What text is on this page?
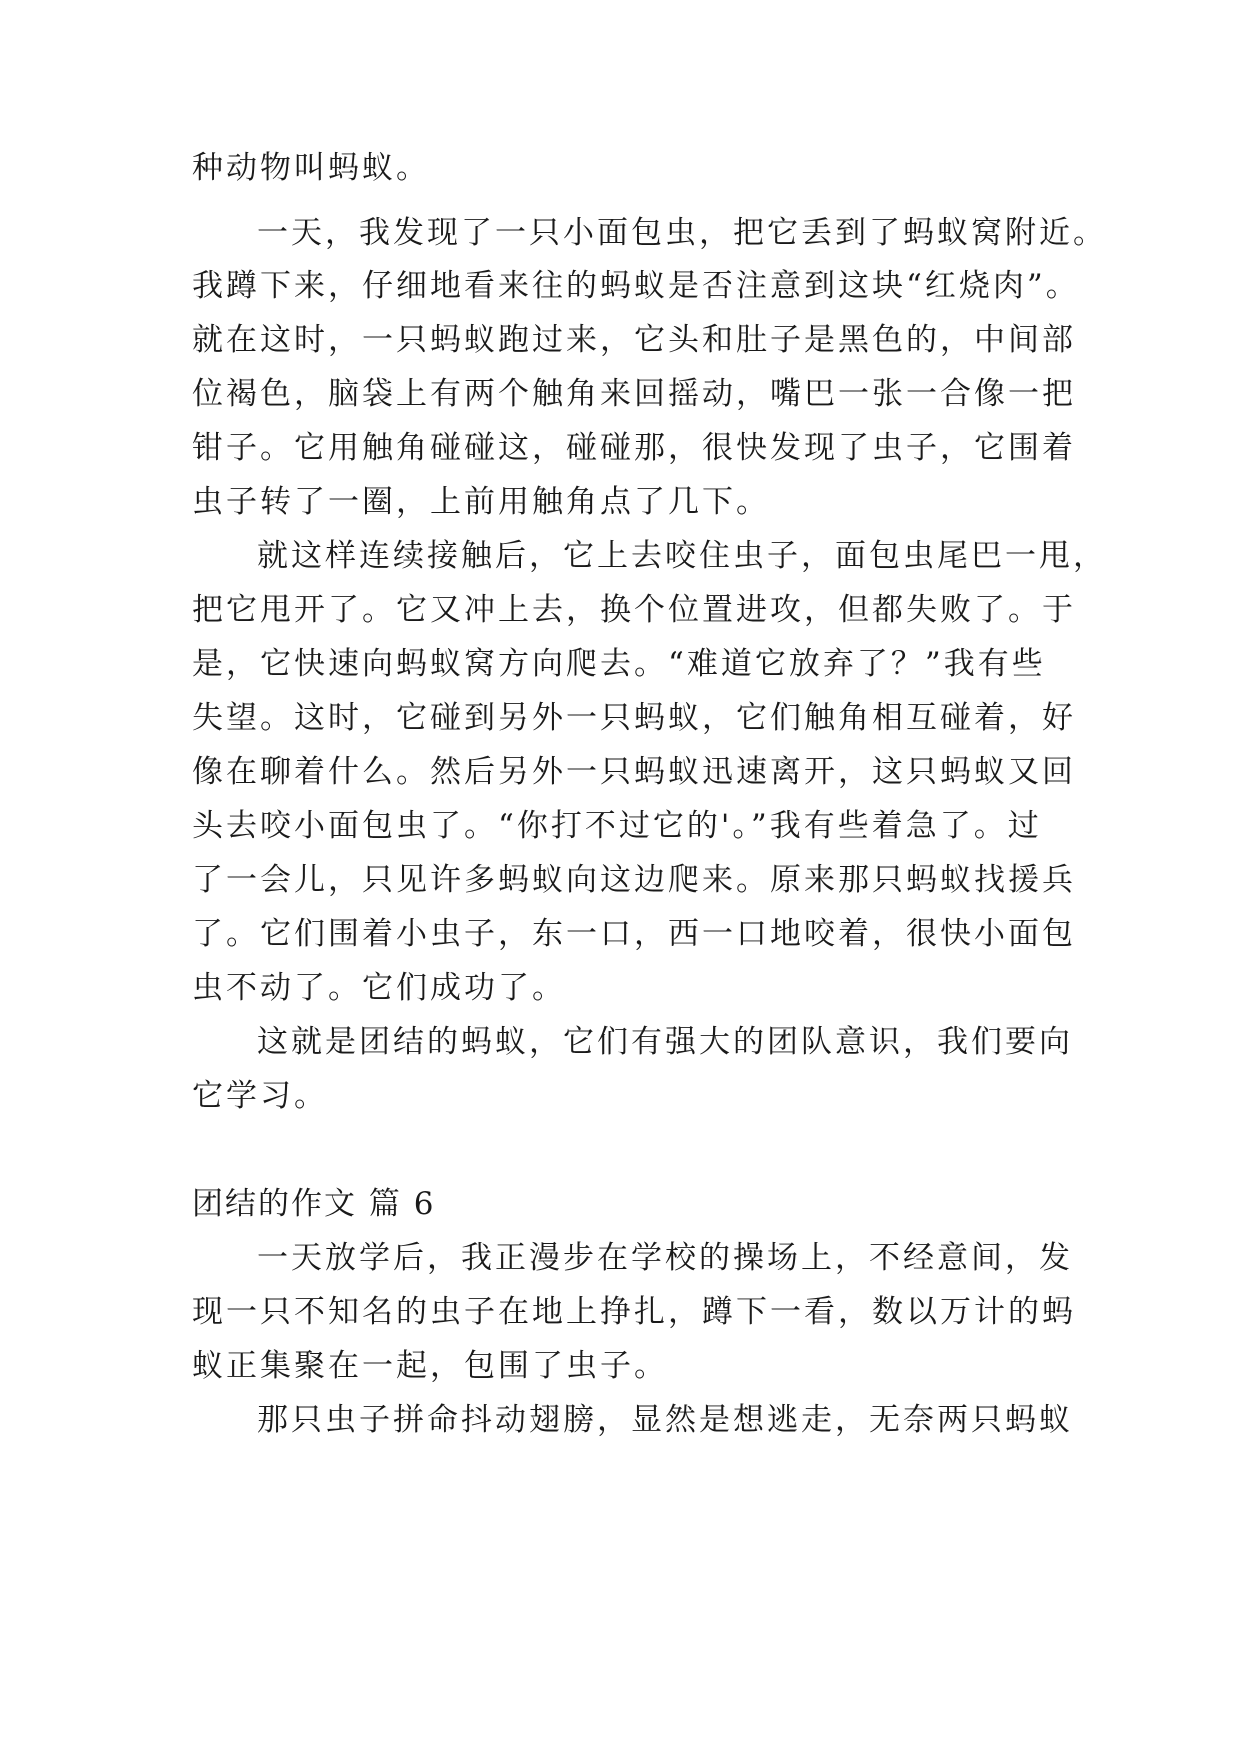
种动物叫蚂蚁。

一天，我发现了一只小面包虫，把它丢到了蚂蚁窝附近。

我蹲下来，仔细地看来往的蚂蚁是否注意到这块“红烧肉”。

就在这时，一只蚂蚁跑过来，它头和肚子是黑色的，中间部

位褐色，脑袋上有两个触角来回摇动，嘴巴一张一合像一把

钳子。它用触角碰碰这，碰碰那，很快发现了虫子，它围着

虫子转了一圈，上前用触角点了几下。

就这样连续接触后，它上去咬住虫子，面包虫尾巴一甩，

把它甩开了。它又冲上去，换个位置进攻，但都失败了。于

是，它快速向蚂蚁窝方向爬去。“难道它放弃了？”我有些

失望。这时，它碰到另外一只蚂蚁，它们触角相互碰着，好

像在聊着什么。然后另外一只蚂蚁迅速离开，这只蚂蚁又回

头去咬小面包虫了。“你打不过它的'。”我有些着急了。过

了一会儿，只见许多蚂蚁向这边爬来。原来那只蚂蚁找援兵

了。它们围着小虫子，东一口，西一口地咬着，很快小面包

虫不动了。它们成功了。

这就是团结的蚂蚁，它们有强大的团队意识，我们要向

它学习。

团结的作文 篇 6

一天放学后，我正漫步在学校的操场上，不经意间，发

现一只不知名的虫子在地上挣扎，蹲下一看，数以万计的蚂

蚁正集聚在一起，包围了虫子。

那只虫子拼命抖动翅膀，显然是想逃走，无奈两只蚂蚁
